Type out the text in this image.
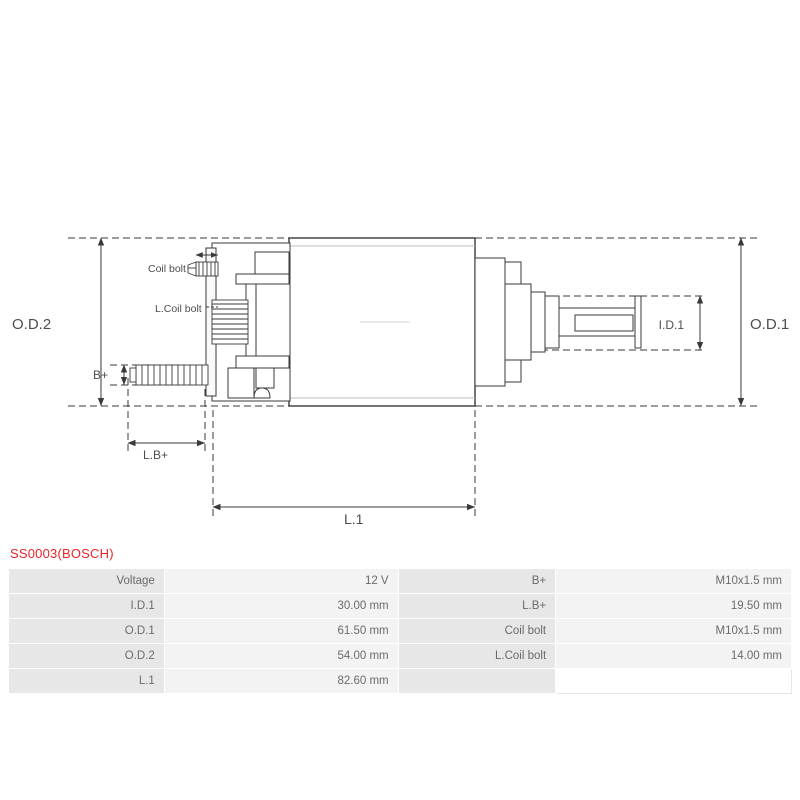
O.D.2	O.D.1
I.D.1
L.1
L.B+
B+
Coil bolt
L.Coil bolt
SS0003(BOSCH)
Voltage	12 V	B+	M10x1.5 mm
I.D.1	30.00 mm	L.B+	19.50 mm
O.D.1	61.50 mm	Coil bolt	M10x1.5 mm
O.D.2	54.00 mm	L.Coil bolt	14.00 mm
L.1	82.60 mm		
